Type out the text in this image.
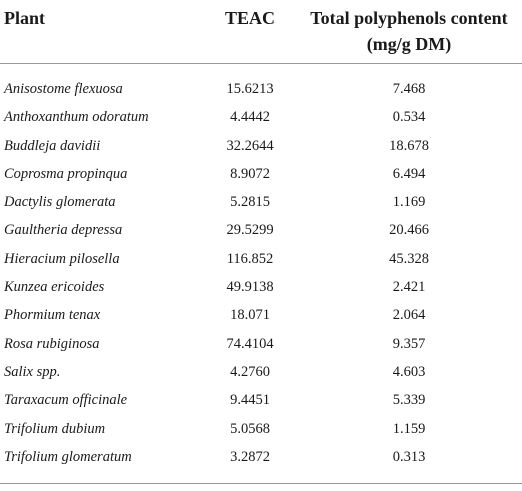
Plant	TEAC	Total polyphenols content
(mg/g DM)
Anisostome flexuosa	15.6213	7.468
Anthoxanthum odoratum	4.4442	0.534
Buddleja davidii	32.2644	18.678
Coprosma propinqua	8.9072	6.494
Dactylis glomerata	5.2815	1.169
Gaultheria depressa	29.5299	20.466
Hieracium pilosella	116.852	45.328
Kunzea ericoides	49.9138	2.421
Phormium tenax	18.071	2.064
Rosa rubiginosa	74.4104	9.357
Salix spp.	4.2760	4.603
Taraxacum officinale	9.4451	5.339
Trifolium dubium	5.0568	1.159
Trifolium glomeratum	3.2872	0.313
